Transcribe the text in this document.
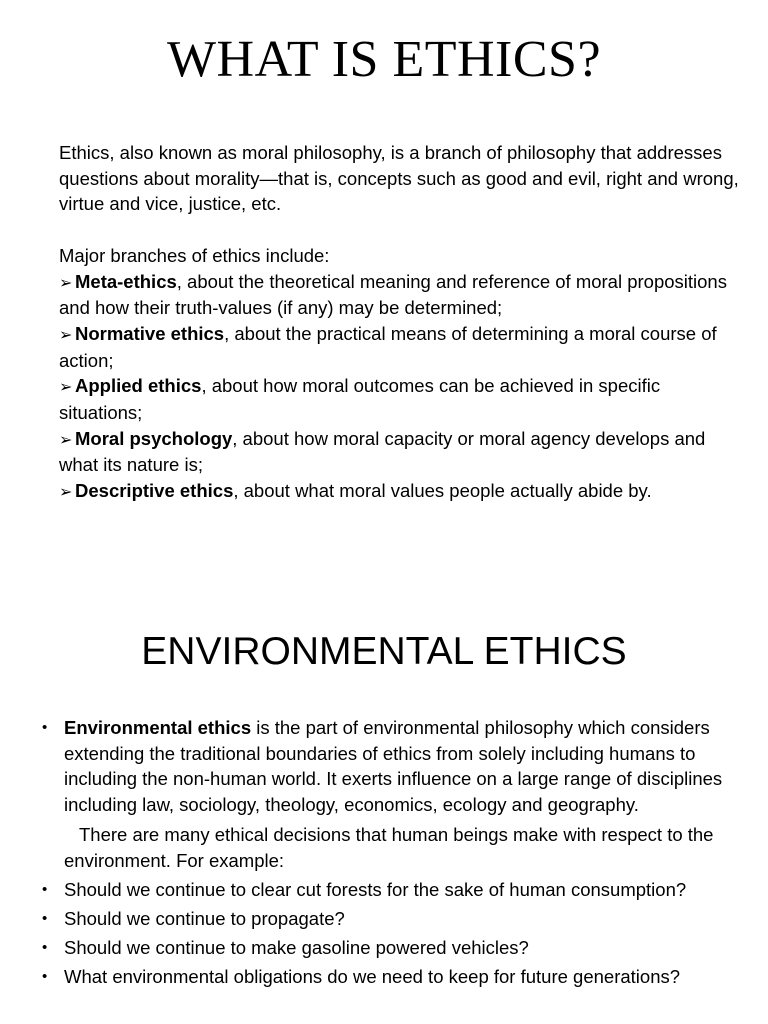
WHAT IS ETHICS?

Ethics, also known as moral philosophy, is a branch of philosophy that addresses questions about morality—that is, concepts such as good and evil, right and wrong, virtue and vice, justice, etc.

Major branches of ethics include:

➢ Meta-ethics, about the theoretical meaning and reference of moral propositions and how their truth-values (if any) may be determined;

➢ Normative ethics, about the practical means of determining a moral course of action;

➢ Applied ethics, about how moral outcomes can be achieved in specific situations;

➢ Moral psychology, about how moral capacity or moral agency develops and what its nature is;

➢ Descriptive ethics, about what moral values people actually abide by.

ENVIRONMENTAL ETHICS

• Environmental ethics is the part of environmental philosophy which considers extending the traditional boundaries of ethics from solely including humans to including the non-human world. It exerts influence on a large range of disciplines including law, sociology, theology, economics, ecology and geography.

There are many ethical decisions that human beings make with respect to the environment. For example:

• Should we continue to clear cut forests for the sake of human consumption?

• Should we continue to propagate?

• Should we continue to make gasoline powered vehicles?

• What environmental obligations do we need to keep for future generations?
